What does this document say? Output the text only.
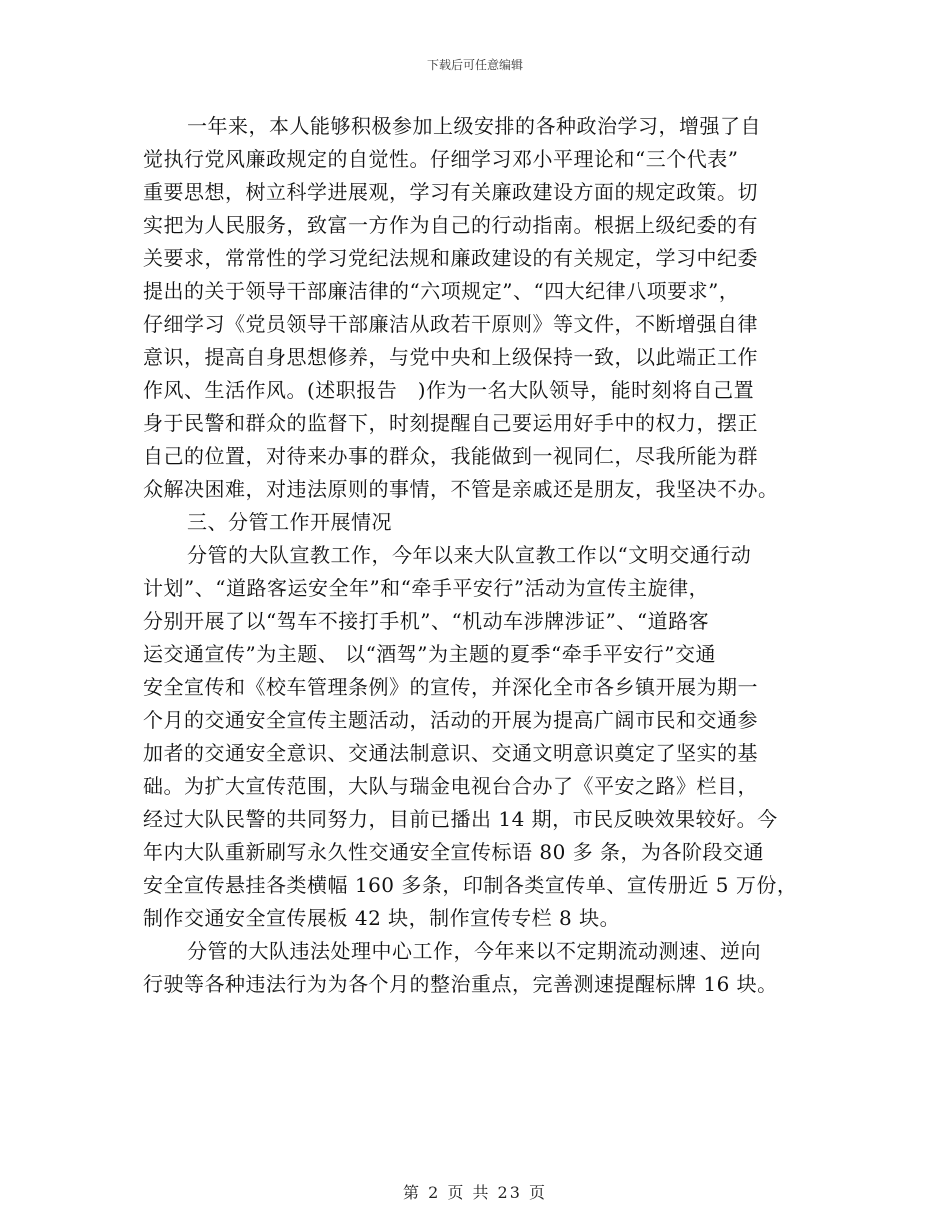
下载后可任意编辑
一年来，本人能够积极参加上级安排的各种政治学习，增强了自
觉执行党风廉政规定的自觉性。仔细学习邓小平理论和“三个代表”
重要思想，树立科学进展观，学习有关廉政建设方面的规定政策。切
实把为人民服务，致富一方作为自己的行动指南。根据上级纪委的有
关要求，常常性的学习党纪法规和廉政建设的有关规定，学习中纪委
提出的关于领导干部廉洁律的“六项规定”、“四大纪律八项要求”，
仔细学习《党员领导干部廉洁从政若干原则》等文件，不断增强自律
意识，提高自身思想修养，与党中央和上级保持一致，以此端正工作
作风、生活作风。(述职报告　)作为一名大队领导，能时刻将自己置
身于民警和群众的监督下，时刻提醒自己要运用好手中的权力，摆正
自己的位置，对待来办事的群众，我能做到一视同仁，尽我所能为群
众解决困难，对违法原则的事情，不管是亲戚还是朋友，我坚决不办。
三、分管工作开展情况
分管的大队宣教工作，今年以来大队宣教工作以“文明交通行动
计划”、“道路客运安全年”和“牵手平安行”活动为宣传主旋律，
分别开展了以“驾车不接打手机”、“机动车涉牌涉证”、“道路客
运交通宣传”为主题、 以“酒驾”为主题的夏季“牵手平安行”交通
安全宣传和《校车管理条例》的宣传，并深化全市各乡镇开展为期一
个月的交通安全宣传主题活动，活动的开展为提高广阔市民和交通参
加者的交通安全意识、交通法制意识、交通文明意识奠定了坚实的基
础。为扩大宣传范围，大队与瑞金电视台合办了《平安之路》栏目，
经过大队民警的共同努力，目前已播出 14 期，市民反映效果较好。今
年内大队重新刷写永久性交通安全宣传标语 80 多 条，为各阶段交通
安全宣传悬挂各类横幅 160 多条，印制各类宣传单、宣传册近 5 万份，
制作交通安全宣传展板 42 块，制作宣传专栏 8 块。
分管的大队违法处理中心工作，今年来以不定期流动测速、逆向
行驶等各种违法行为为各个月的整治重点，完善测速提醒标牌 16 块。
第 2 页 共 23 页
